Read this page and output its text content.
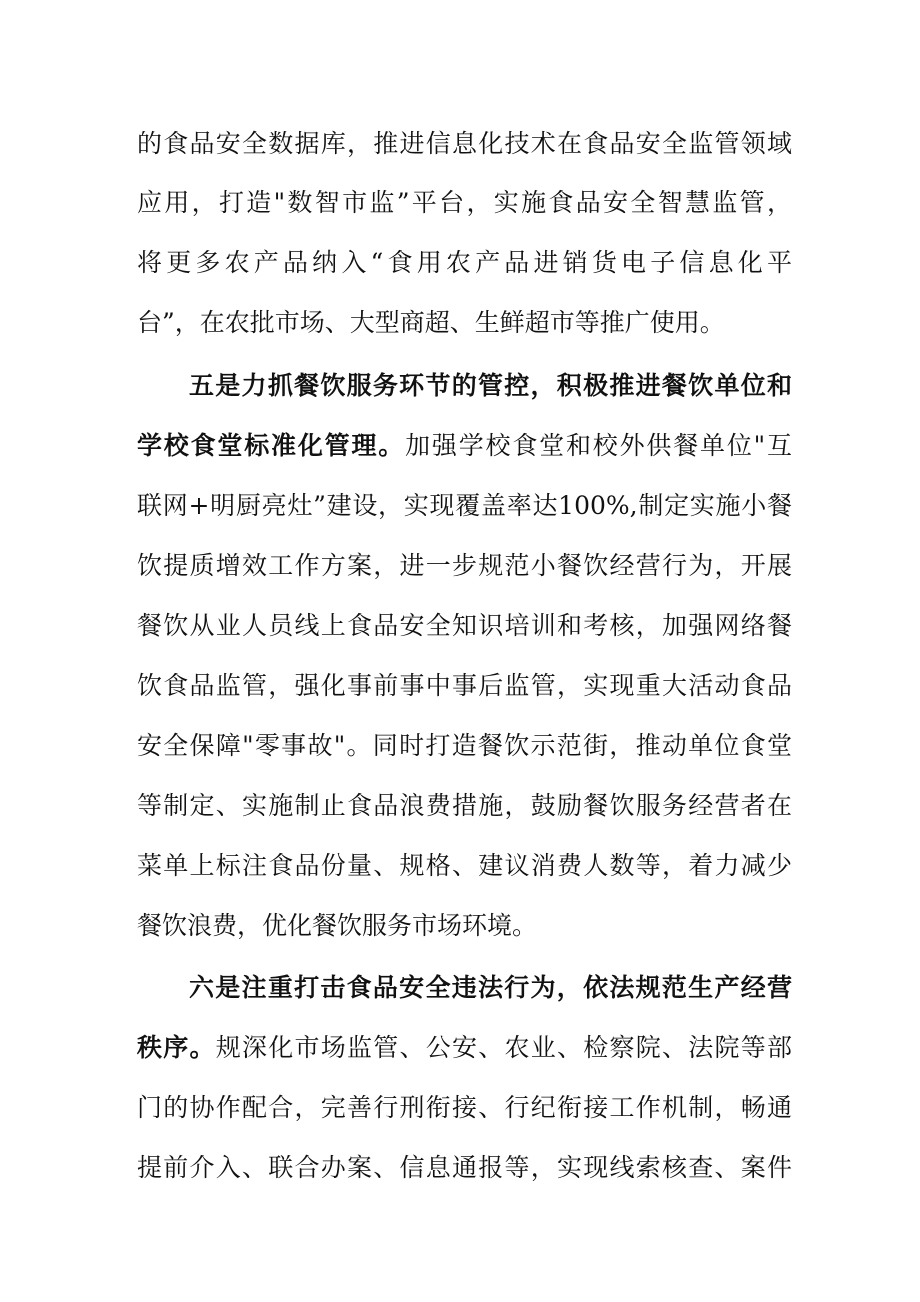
的食品安全数据库，推进信息化技术在食品安全监管领域
应用，打造"数智市监”平台，实施食品安全智慧监管，
将更多农产品纳入“食用农产品进销货电子信息化平
台”，在农批市场、大型商超、生鲜超市等推广使用。
五是力抓餐饮服务环节的管控，积极推进餐饮单位和
学校食堂标准化管理。加强学校食堂和校外供餐单位"互
联网+明厨亮灶”建设，实现覆盖率达100%,制定实施小餐
饮提质增效工作方案，进一步规范小餐饮经营行为，开展
餐饮从业人员线上食品安全知识培训和考核，加强网络餐
饮食品监管，强化事前事中事后监管，实现重大活动食品
安全保障"零事故"。同时打造餐饮示范街，推动单位食堂
等制定、实施制止食品浪费措施，鼓励餐饮服务经营者在
菜单上标注食品份量、规格、建议消费人数等，着力减少
餐饮浪费，优化餐饮服务市场环境。
六是注重打击食品安全违法行为，依法规范生产经营
秩序。规深化市场监管、公安、农业、检察院、法院等部
门的协作配合，完善行刑衔接、行纪衔接工作机制，畅通
提前介入、联合办案、信息通报等，实现线索核查、案件
